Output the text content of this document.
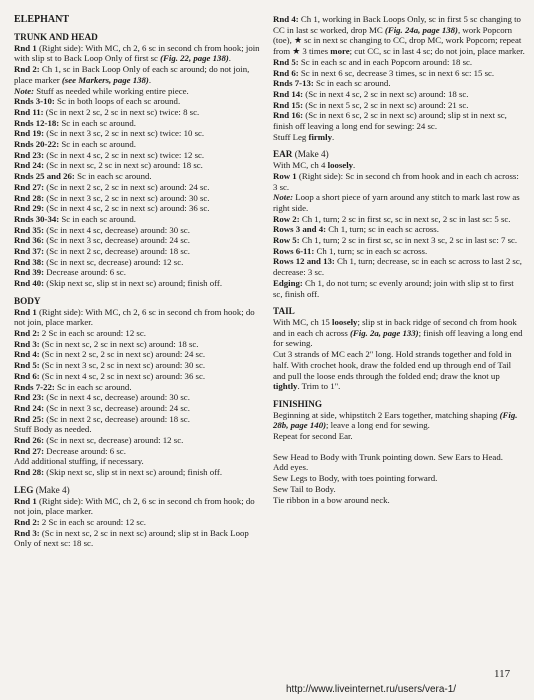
ELEPHANT

TRUNK AND HEAD

Rnd 1 (Right side): With MC, ch 2, 6 sc in second ch from hook; join with slip st to Back Loop Only of first sc (Fig. 22, page 138).

Rnd 2: Ch 1, sc in Back Loop Only of each sc around; do not join, place marker (see Markers, page 138).

Note: Stuff as needed while working entire piece.

Rnds 3-10: Sc in both loops of each sc around.

Rnd 11: (Sc in next 2 sc, 2 sc in next sc) twice: 8 sc.

Rnds 12-18: Sc in each sc around.

Rnd 19: (Sc in next 3 sc, 2 sc in next sc) twice: 10 sc.

Rnds 20-22: Sc in each sc around.

Rnd 23: (Sc in next 4 sc, 2 sc in next sc) twice: 12 sc.

Rnd 24: (Sc in next sc, 2 sc in next sc) around: 18 sc.

Rnds 25 and 26: Sc in each sc around.

Rnd 27: (Sc in next 2 sc, 2 sc in next sc) around: 24 sc.

Rnd 28: (Sc in next 3 sc, 2 sc in next sc) around: 30 sc.

Rnd 29: (Sc in next 4 sc, 2 sc in next sc) around: 36 sc.

Rnds 30-34: Sc in each sc around.

Rnd 35: (Sc in next 4 sc, decrease) around: 30 sc.

Rnd 36: (Sc in next 3 sc, decrease) around: 24 sc.

Rnd 37: (Sc in next 2 sc, decrease) around: 18 sc.

Rnd 38: (Sc in next sc, decrease) around: 12 sc.

Rnd 39: Decrease around: 6 sc.

Rnd 40: (Skip next sc, slip st in next sc) around; finish off.

BODY

Rnd 1 (Right side): With MC, ch 2, 6 sc in second ch from hook; do not join, place marker.

Rnd 2: 2 Sc in each sc around: 12 sc.

Rnd 3: (Sc in next sc, 2 sc in next sc) around: 18 sc.

Rnd 4: (Sc in next 2 sc, 2 sc in next sc) around: 24 sc.

Rnd 5: (Sc in next 3 sc, 2 sc in next sc) around: 30 sc.

Rnd 6: (Sc in next 4 sc, 2 sc in next sc) around: 36 sc.

Rnds 7-22: Sc in each sc around.

Rnd 23: (Sc in next 4 sc, decrease) around: 30 sc.

Rnd 24: (Sc in next 3 sc, decrease) around: 24 sc.

Rnd 25: (Sc in next 2 sc, decrease) around: 18 sc.

Stuff Body as needed.

Rnd 26: (Sc in next sc, decrease) around: 12 sc.

Rnd 27: Decrease around: 6 sc.

Add additional stuffing, if necessary.

Rnd 28: (Skip next sc, slip st in next sc) around; finish off.

LEG (Make 4)

Rnd 1 (Right side): With MC, ch 2, 6 sc in second ch from hook; do not join, place marker.

Rnd 2: 2 Sc in each sc around: 12 sc.

Rnd 3: (Sc in next sc, 2 sc in next sc) around; slip st in Back Loop Only of next sc: 18 sc.

Rnd 4: Ch 1, working in Back Loops Only, sc in first 5 sc changing to CC in last sc worked, drop MC (Fig. 24a, page 138), work Popcorn (toe), ★ sc in next sc changing to CC, drop MC, work Popcorn; repeat from ★ 3 times more; cut CC, sc in last 4 sc; do not join, place marker.

Rnd 5: Sc in each sc and in each Popcorn around: 18 sc.

Rnd 6: Sc in next 6 sc, decrease 3 times, sc in next 6 sc: 15 sc.

Rnds 7-13: Sc in each sc around.

Rnd 14: (Sc in next 4 sc, 2 sc in next sc) around: 18 sc.

Rnd 15: (Sc in next 5 sc, 2 sc in next sc) around: 21 sc.

Rnd 16: (Sc in next 6 sc, 2 sc in next sc) around; slip st in next sc, finish off leaving a long end for sewing: 24 sc.

Stuff Leg firmly.

EAR (Make 4)

With MC, ch 4 loosely.

Row 1 (Right side): Sc in second ch from hook and in each ch across: 3 sc.

Note: Loop a short piece of yarn around any stitch to mark last row as right side.

Row 2: Ch 1, turn; 2 sc in first sc, sc in next sc, 2 sc in last sc: 5 sc.

Rows 3 and 4: Ch 1, turn; sc in each sc across.

Row 5: Ch 1, turn; 2 sc in first sc, sc in next 3 sc, 2 sc in last sc: 7 sc.

Rows 6-11: Ch 1, turn; sc in each sc across.

Rows 12 and 13: Ch 1, turn; decrease, sc in each sc across to last 2 sc, decrease: 3 sc.

Edging: Ch 1, do not turn; sc evenly around; join with slip st to first sc, finish off.

TAIL

With MC, ch 15 loosely; slip st in back ridge of second ch from hook and in each ch across (Fig. 2a, page 133); finish off leaving a long end for sewing.

Cut 3 strands of MC each 2" long. Hold strands together and fold in half. With crochet hook, draw the folded end up through end of Tail and pull the loose ends through the folded end; draw the knot up tightly. Trim to 1".

FINISHING

Beginning at side, whipstitch 2 Ears together, matching shaping (Fig. 28b, page 140); leave a long end for sewing.

Repeat for second Ear.

Sew Head to Body with Trunk pointing down. Sew Ears to Head.

Add eyes.

Sew Legs to Body, with toes pointing forward.

Sew Tail to Body.

Tie ribbon in a bow around neck.

117
http://www.liveinternet.ru/users/vera-1/
